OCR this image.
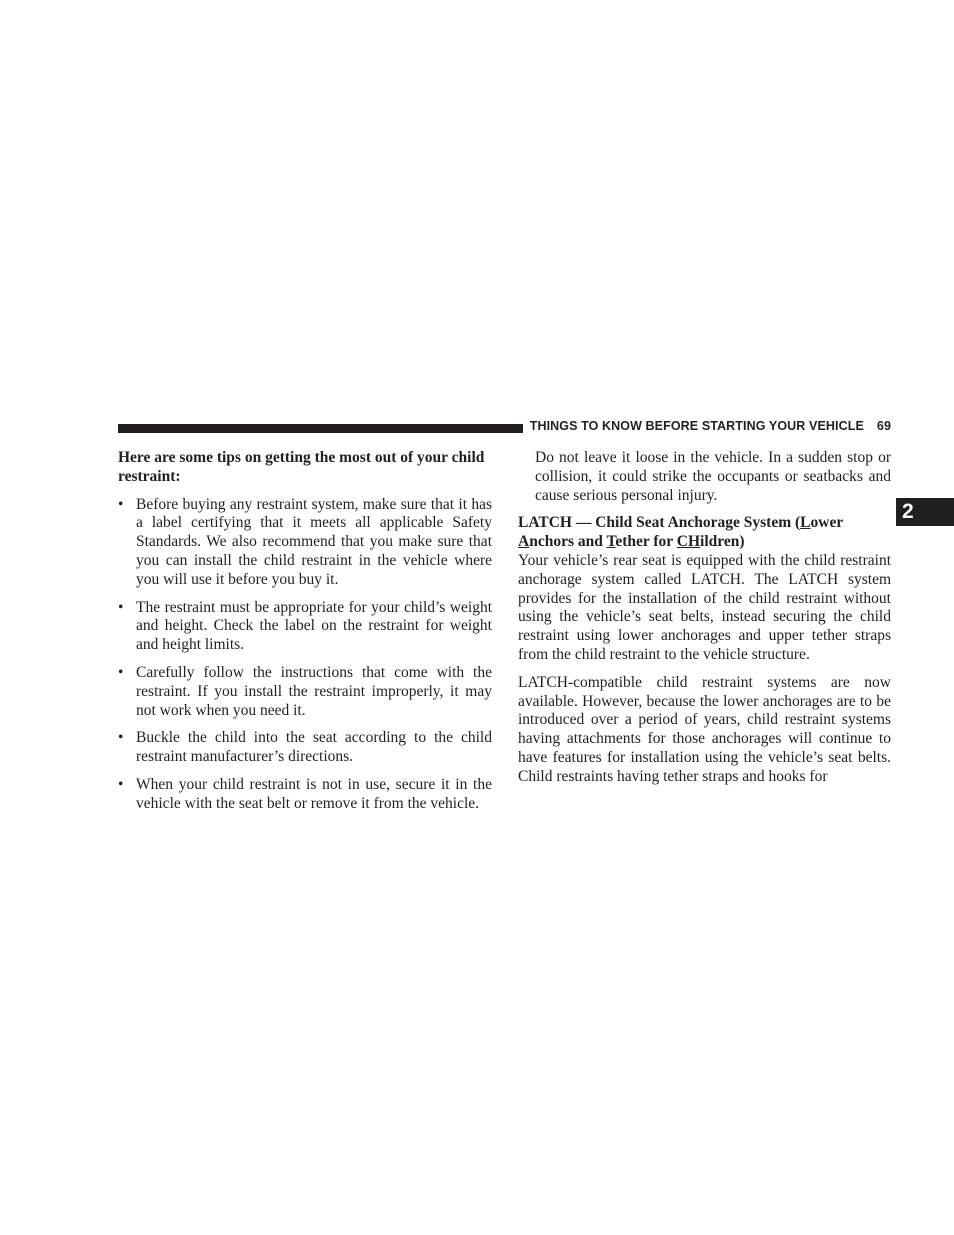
THINGS TO KNOW BEFORE STARTING YOUR VEHICLE 69
2

Here are some tips on getting the most out of your child restraint:

• Before buying any restraint system, make sure that it has a label certifying that it meets all applicable Safety Standards. We also recommend that you make sure that you can install the child restraint in the vehicle where you will use it before you buy it.
• The restraint must be appropriate for your child’s weight and height. Check the label on the restraint for weight and height limits.
• Carefully follow the instructions that come with the restraint. If you install the restraint improperly, it may not work when you need it.
• Buckle the child into the seat according to the child restraint manufacturer’s directions.
• When your child restraint is not in use, secure it in the vehicle with the seat belt or remove it from the vehicle.

Do not leave it loose in the vehicle. In a sudden stop or collision, it could strike the occupants or seatbacks and cause serious personal injury.

LATCH — Child Seat Anchorage System (Lower Anchors and Tether for CHildren)

Your vehicle’s rear seat is equipped with the child restraint anchorage system called LATCH. The LATCH system provides for the installation of the child restraint without using the vehicle’s seat belts, instead securing the child restraint using lower anchorages and upper tether straps from the child restraint to the vehicle structure.

LATCH-compatible child restraint systems are now available. However, because the lower anchorages are to be introduced over a period of years, child restraint systems having attachments for those anchorages will continue to have features for installation using the vehicle’s seat belts. Child restraints having tether straps and hooks for
